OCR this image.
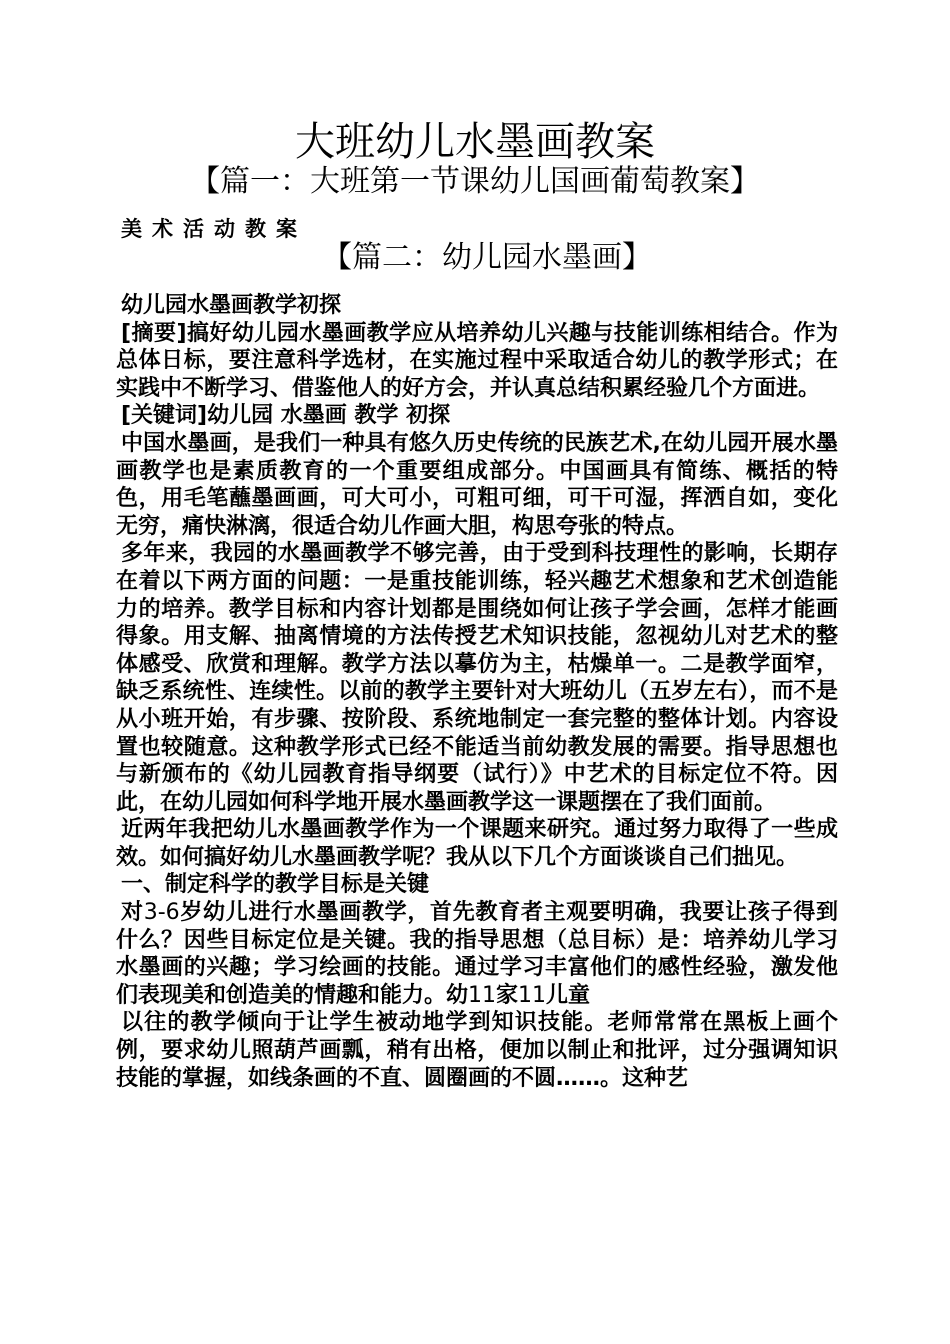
大班幼儿水墨画教案
【篇一：大班第一节课幼儿国画葡萄教案】
美术活动教案
【篇二：幼儿园水墨画】

幼儿园水墨画教学初探

[摘要]搞好幼儿园水墨画教学应从培养幼儿兴趣与技能训练相结合。作为总体日标，要注意科学选材，在实施过程中采取适合幼儿的教学形式；在实践中不断学习、借鉴他人的好方会，并认真总结积累经验几个方面进。

[关键词]幼儿园 水墨画 教学 初探

中国水墨画，是我们一种具有悠久历史传统的民族艺术,在幼儿园开展水墨画教学也是素质教育的一个重要组成部分。中国画具有简练、概括的特色，用毛笔蘸墨画画，可大可小，可粗可细，可干可湿，挥洒自如，变化无穷，痛快淋漓，很适合幼儿作画大胆，构思夸张的特点。

多年来，我园的水墨画教学不够完善，由于受到科技理性的影响，长期存在着以下两方面的问题：一是重技能训练，轻兴趣艺术想象和艺术创造能力的培养。教学目标和内容计划都是围绕如何让孩子学会画，怎样才能画得象。用支解、抽离情境的方法传授艺术知识技能，忽视幼儿对艺术的整体感受、欣赏和理解。教学方法以摹仿为主，枯燥单一。二是教学面窄，缺乏系统性、连续性。以前的教学主要针对大班幼儿（五岁左右），而不是从小班开始，有步骤、按阶段、系统地制定一套完整的整体计划。内容设置也较随意。这种教学形式已经不能适当前幼教发展的需要。指导思想也与新颁布的《幼儿园教育指导纲要（试行）》中艺术的目标定位不符。因此，在幼儿园如何科学地开展水墨画教学这一课题摆在了我们面前。

近两年我把幼儿水墨画教学作为一个课题来研究。通过努力取得了一些成效。如何搞好幼儿水墨画教学呢？我从以下几个方面谈谈自己们拙见。

一、制定科学的教学目标是关键

对3-6岁幼儿进行水墨画教学，首先教育者主观要明确，我要让孩子得到什么？因些目标定位是关键。我的指导思想（总目标）是：培养幼儿学习水墨画的兴趣；学习绘画的技能。通过学习丰富他们的感性经验，激发他们表现美和创造美的情趣和能力。幼11家11儿童

以往的教学倾向于让学生被动地学到知识技能。老师常常在黑板上画个例，要求幼儿照葫芦画瓢，稍有出格，便加以制止和批评，过分强调知识技能的掌握，如线条画的不直、圆圈画的不圆……。这种艺
